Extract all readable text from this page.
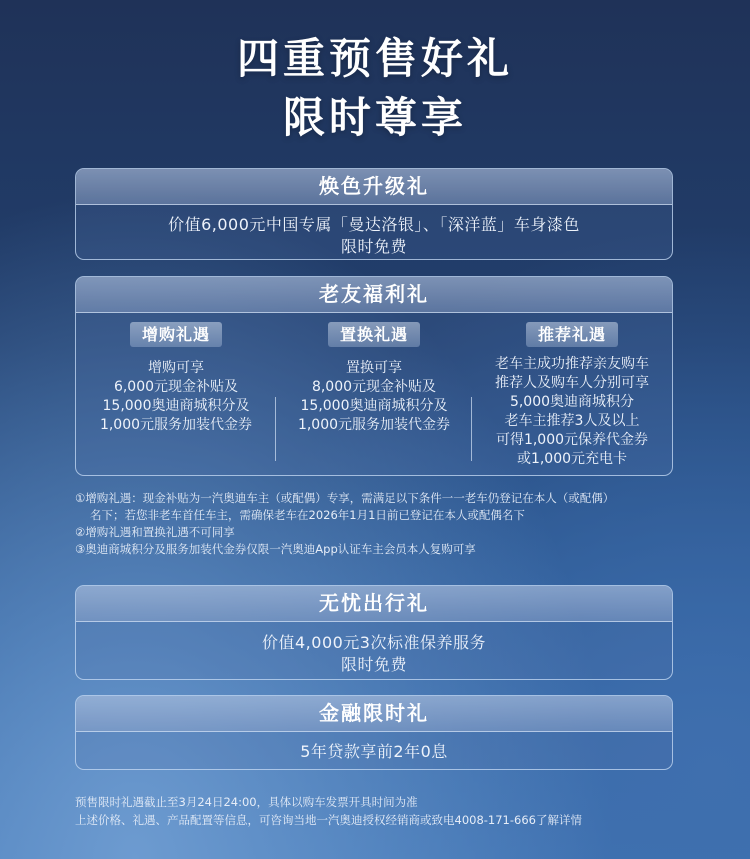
四重预售好礼
限时尊享
焕色升级礼
价值6,000元中国专属「曼达洛银」、「深洋蓝」车身漆色
限时免费
老友福利礼
增购礼遇
增购可享
6,000元现金补贴及
15,000奥迪商城积分及
1,000元服务加装代金券
置换礼遇
置换可享
8,000元现金补贴及
15,000奥迪商城积分及
1,000元服务加装代金券
推荐礼遇
老车主成功推荐亲友购车
推荐人及购车人分别可享
5,000奥迪商城积分
老车主推荐3人及以上
可得1,000元保养代金券
或1,000元充电卡
①增购礼遇：现金补贴为一汽奥迪车主（或配偶）专享，需满足以下条件一一老车仍登记在本人（或配偶）
名下；若您非老车首任车主，需确保老车在2026年1月1日前已登记在本人或配偶名下
②增购礼遇和置换礼遇不可同享
③奥迪商城积分及服务加装代金券仅限一汽奥迪App认证车主会员本人复购可享
无忧出行礼
价值4,000元3次标准保养服务
限时免费
金融限时礼
5年贷款享前2年0息
预售限时礼遇截止至3月24日24:00，具体以购车发票开具时间为准
上述价格、礼遇、产品配置等信息，可咨询当地一汽奥迪授权经销商或致电4008-171-666了解详情
